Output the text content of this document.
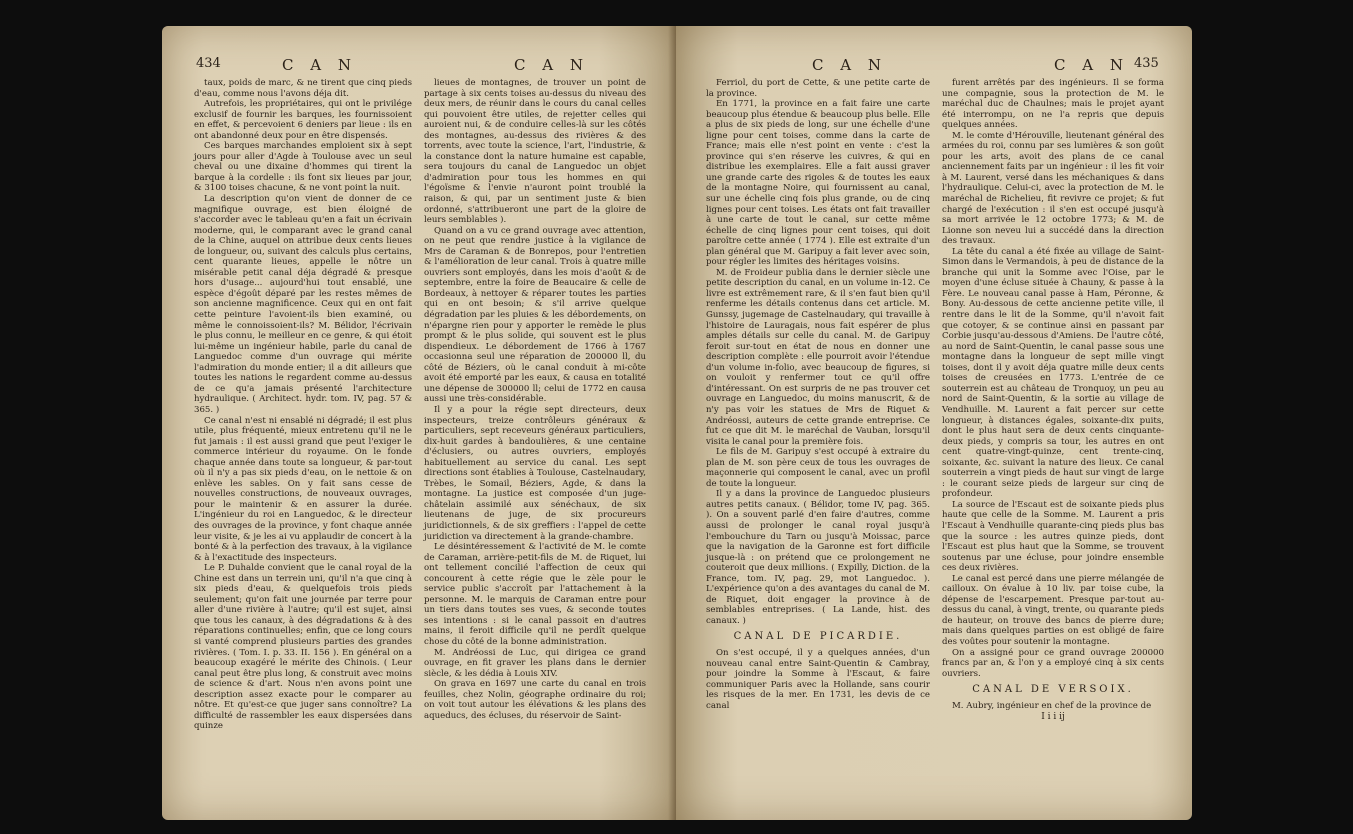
434	C A N	C A N

taux, poids de marc, & ne tirent que cinq pieds d'eau, comme nous l'avons déja dit.

Autrefois, les propriétaires, qui ont le privilége exclusif de fournir les barques, les fournissoient en effet, & percevoient 6 deniers par lieue : ils en ont abandonné deux pour en être dispensés.

Ces barques marchandes emploient six à sept jours pour aller d'Agde à Toulouse avec un seul cheval ou une dixaine d'hommes qui tirent la barque à la cordelle : ils font six lieues par jour, & 3100 toises chacune, & ne vont point la nuit.

La description qu'on vient de donner de ce magnifique ouvrage, est bien éloigné de s'accorder avec le tableau qu'en a fait un écrivain moderne, qui, le comparant avec le grand canal de la Chine, auquel on attribue deux cents lieues de longueur, ou, suivant des calculs plus certains, cent quarante lieues, appelle le nôtre un misérable petit canal déja dégradé & presque hors d'usage... aujourd'hui tout ensablé, une espèce d'égoût déparé par les restes mêmes de son ancienne magnificence. Ceux qui en ont fait cette peinture l'avoient-ils bien examiné, ou même le connoissoient-ils? M. Bélidor, l'écrivain le plus connu, le meilleur en ce genre, & qui étoit lui-même un ingénieur habile, parle du canal de Languedoc comme d'un ouvrage qui mérite l'admiration du monde entier; il a dit ailleurs que toutes les nations le regardent comme au-dessus de ce qu'a jamais présenté l'architecture hydraulique. ( Architect. hydr. tom. IV, pag. 57 & 365. )

Ce canal n'est ni ensablé ni dégradé; il est plus utile, plus fréquenté, mieux entretenu qu'il ne le fut jamais : il est aussi grand que peut l'exiger le commerce intérieur du royaume. On le fonde chaque année dans toute sa longueur, & par-tout où il n'y a pas six pieds d'eau, on le nettoie & on enlève les sables. On y fait sans cesse de nouvelles constructions, de nouveaux ouvrages, pour le maintenir & en assurer la durée. L'ingénieur du roi en Languedoc, & le directeur des ouvrages de la province, y font chaque année leur visite, & je les ai vu applaudir de concert à la bonté & à la perfection des travaux, à la vigilance & à l'exactitude des inspecteurs.

Le P. Duhalde convient que le canal royal de la Chine est dans un terrein uni, qu'il n'a que cinq à six pieds d'eau, & quelquefois trois pieds seulement; qu'on fait une journée par terre pour aller d'une rivière à l'autre; qu'il est sujet, ainsi que tous les canaux, à des dégradations & à des réparations continuelles; enfin, que ce long cours si vanté comprend plusieurs parties des grandes rivières. ( Tom. I. p. 33. II. 156 ). En général on a beaucoup exagéré le mérite des Chinois. ( Leur canal peut être plus long, & construit avec moins de science & d'art. Nous n'en avons point une description assez exacte pour le comparer au nôtre. Et qu'est-ce que juger sans connoître? La difficulté de rassembler les eaux dispersées dans quinze

lieues de montagnes, de trouver un point de partage à six cents toises au-dessus du niveau des deux mers, de réunir dans le cours du canal celles qui pouvoient être utiles, de rejetter celles qui auroient nui, & de conduire celles-là sur les côtés des montagnes, au-dessus des rivières & des torrents, avec toute la science, l'art, l'industrie, & la constance dont la nature humaine est capable, sera toujours du canal de Languedoc un objet d'admiration pour tous les hommes en qui l'égoïsme & l'envie n'auront point troublé la raison, & qui, par un sentiment juste & bien ordonné, s'attribueront une part de la gloire de leurs semblables ).

Quand on a vu ce grand ouvrage avec attention, on ne peut que rendre justice à la vigilance de Mrs de Caraman & de Bonrepos, pour l'entretien & l'amélioration de leur canal. Trois à quatre mille ouvriers sont employés, dans les mois d'août & de septembre, entre la foire de Beaucaire & celle de Bordeaux, à nettoyer & réparer toutes les parties qui en ont besoin; & s'il arrive quelque dégradation par les pluies & les débordements, on n'épargne rien pour y apporter le remède le plus prompt & le plus solide, qui souvent est le plus dispendieux. Le débordement de 1766 à 1767 occasionna seul une réparation de 200000 ll, du côté de Béziers, où le canal conduit à mi-côte avoit été emporté par les eaux, & causa en totalité une dépense de 300000 ll; celui de 1772 en causa aussi une très-considérable.

Il y a pour la régie sept directeurs, deux inspecteurs, treize contrôleurs généraux & particuliers, sept receveurs généraux particuliers, dix-huit gardes à bandoulières, & une centaine d'éclusiers, ou autres ouvriers, employés habituellement au service du canal. Les sept directions sont établies à Toulouse, Castelnaudary, Trèbes, le Somail, Béziers, Agde, & dans la montagne. La justice est composée d'un juge-châtelain assimilé aux sénéchaux, de six lieutenans de juge, de six procureurs juridictionnels, & de six greffiers : l'appel de cette juridiction va directement à la grande-chambre.

Le désintéressement & l'activité de M. le comte de Caraman, arrière-petit-fils de M. de Riquet, lui ont tellement concilié l'affection de ceux qui concourent à cette régie que le zèle pour le service public s'accroît par l'attachement à la personne. M. le marquis de Caraman entre pour un tiers dans toutes ses vues, & seconde toutes ses intentions : si le canal passoit en d'autres mains, il feroit difficile qu'il ne perdît quelque chose du côté de la bonne administration.

M. Andréossi de Luc, qui dirigea ce grand ouvrage, en fit graver les plans dans le dernier siècle, & les dédia à Louis XIV.

On grava en 1697 une carte du canal en trois feuilles, chez Nolin, géographe ordinaire du roi; on voit tout autour les élévations & les plans des aqueducs, des écluses, du réservoir de Saint-

C A N	C A N 435

Ferriol, du port de Cette, & une petite carte de la province.

En 1771, la province en a fait faire une carte beaucoup plus étendue & beaucoup plus belle. Elle a plus de six pieds de long, sur une échelle d'une ligne pour cent toises, comme dans la carte de France; mais elle n'est point en vente : c'est la province qui s'en réserve les cuivres, & qui en distribue les exemplaires. Elle a fait aussi graver une grande carte des rigoles & de toutes les eaux de la montagne Noire, qui fournissent au canal, sur une échelle cinq fois plus grande, ou de cinq lignes pour cent toises. Les états ont fait travailler à une carte de tout le canal, sur cette même échelle de cinq lignes pour cent toises, qui doit paroître cette année ( 1774 ). Elle est extraite d'un plan général que M. Garipuy a fait lever avec soin, pour régler les limites des héritages voisins.

M. de Froideur publia dans le dernier siècle une petite description du canal, en un volume in-12. Ce livre est extrêmement rare, & il s'en faut bien qu'il renferme les détails contenus dans cet article. M. Gunssy, jugemage de Castelnaudary, qui travaille à l'histoire de Lauragais, nous fait espérer de plus amples détails sur celle du canal. M. de Garipuy feroit sur-tout en état de nous en donner une description complète : elle pourroit avoir l'étendue d'un volume in-folio, avec beaucoup de figures, si on vouloit y renfermer tout ce qu'il offre d'intéressant. On est surpris de ne pas trouver cet ouvrage en Languedoc, du moins manuscrit, & de n'y pas voir les statues de Mrs de Riquet & Andréossi, auteurs de cette grande entreprise. Ce fut ce que dit M. le maréchal de Vauban, lorsqu'il visita le canal pour la première fois.

Le fils de M. Garipuy s'est occupé à extraire du plan de M. son père ceux de tous les ouvrages de maçonnerie qui composent le canal, avec un profil de toute la longueur.

Il y a dans la province de Languedoc plusieurs autres petits canaux. ( Bélidor, tome IV, pag. 365. ). On a souvent parlé d'en faire d'autres, comme aussi de prolonger le canal royal jusqu'à l'embouchure du Tarn ou jusqu'à Moissac, parce que la navigation de la Garonne est fort difficile jusque-là : on prétend que ce prolongement ne couteroit que deux millions. ( Expilly, Diction. de la France, tom. IV, pag. 29, mot Languedoc. ). L'expérience qu'on a des avantages du canal de M. de Riquet, doit engager la province à de semblables entreprises. ( La Lande, hist. des canaux. )

CANAL DE PICARDIE.

On s'est occupé, il y a quelques années, d'un nouveau canal entre Saint-Quentin & Cambray, pour joindre la Somme à l'Escaut, & faire communiquer Paris avec la Hollande, sans courir les risques de la mer. En 1731, les devis de ce canal

furent arrêtés par des ingénieurs. Il se forma une compagnie, sous la protection de M. le maréchal duc de Chaulnes; mais le projet ayant été interrompu, on ne l'a repris que depuis quelques années.

M. le comte d'Hérouville, lieutenant général des armées du roi, connu par ses lumières & son goût pour les arts, avoit des plans de ce canal anciennement faits par un ingénieur : il les fit voir à M. Laurent, versé dans les méchaniques & dans l'hydraulique. Celui-ci, avec la protection de M. le maréchal de Richelieu, fit revivre ce projet; & fut chargé de l'exécution : il s'en est occupé jusqu'à sa mort arrivée le 12 octobre 1773; & M. de Lionne son neveu lui a succédé dans la direction des travaux.

La tête du canal a été fixée au village de Saint-Simon dans le Vermandois, à peu de distance de la branche qui unit la Somme avec l'Oise, par le moyen d'une écluse située à Chauny, & passe à la Fère. Le nouveau canal passe à Ham, Péronne, & Bony. Au-dessous de cette ancienne petite ville, il rentre dans le lit de la Somme, qu'il n'avoit fait que cotoyer, & se continue ainsi en passant par Corbie jusqu'au-dessous d'Amiens. De l'autre côté, au nord de Saint-Quentin, le canal passe sous une montagne dans la longueur de sept mille vingt toises, dont il y avoit déja quatre mille deux cents toises de creusées en 1773. L'entrée de ce souterrein est au château de Tronquoy, un peu au nord de Saint-Quentin, & la sortie au village de Vendhuille. M. Laurent a fait percer sur cette longueur, à distances égales, soixante-dix puits, dont le plus haut sera de deux cents cinquante-deux pieds, y compris sa tour, les autres en ont cent quatre-vingt-quinze, cent trente-cinq, soixante, &c. suivant la nature des lieux. Ce canal souterrein a vingt pieds de haut sur vingt de large : le courant seize pieds de largeur sur cinq de profondeur.

La source de l'Escaut est de soixante pieds plus haute que celle de la Somme. M. Laurent a pris l'Escaut à Vendhuille quarante-cinq pieds plus bas que la source : les autres quinze pieds, dont l'Escaut est plus haut que la Somme, se trouvent soutenus par une écluse, pour joindre ensemble ces deux rivières.

Le canal est percé dans une pierre mélangée de cailloux. On évalue à 10 liv. par toise cube, la dépense de l'escarpement. Presque par-tout au-dessus du canal, à vingt, trente, ou quarante pieds de hauteur, on trouve des bancs de pierre dure; mais dans quelques parties on est obligé de faire des voûtes pour soutenir la montagne.

On a assigné pour ce grand ouvrage 200000 francs par an, & l'on y a employé cinq à six cents ouvriers.

CANAL DE VERSOIX.

M. Aubry, ingénieur en chef de la province de

I i i ij
